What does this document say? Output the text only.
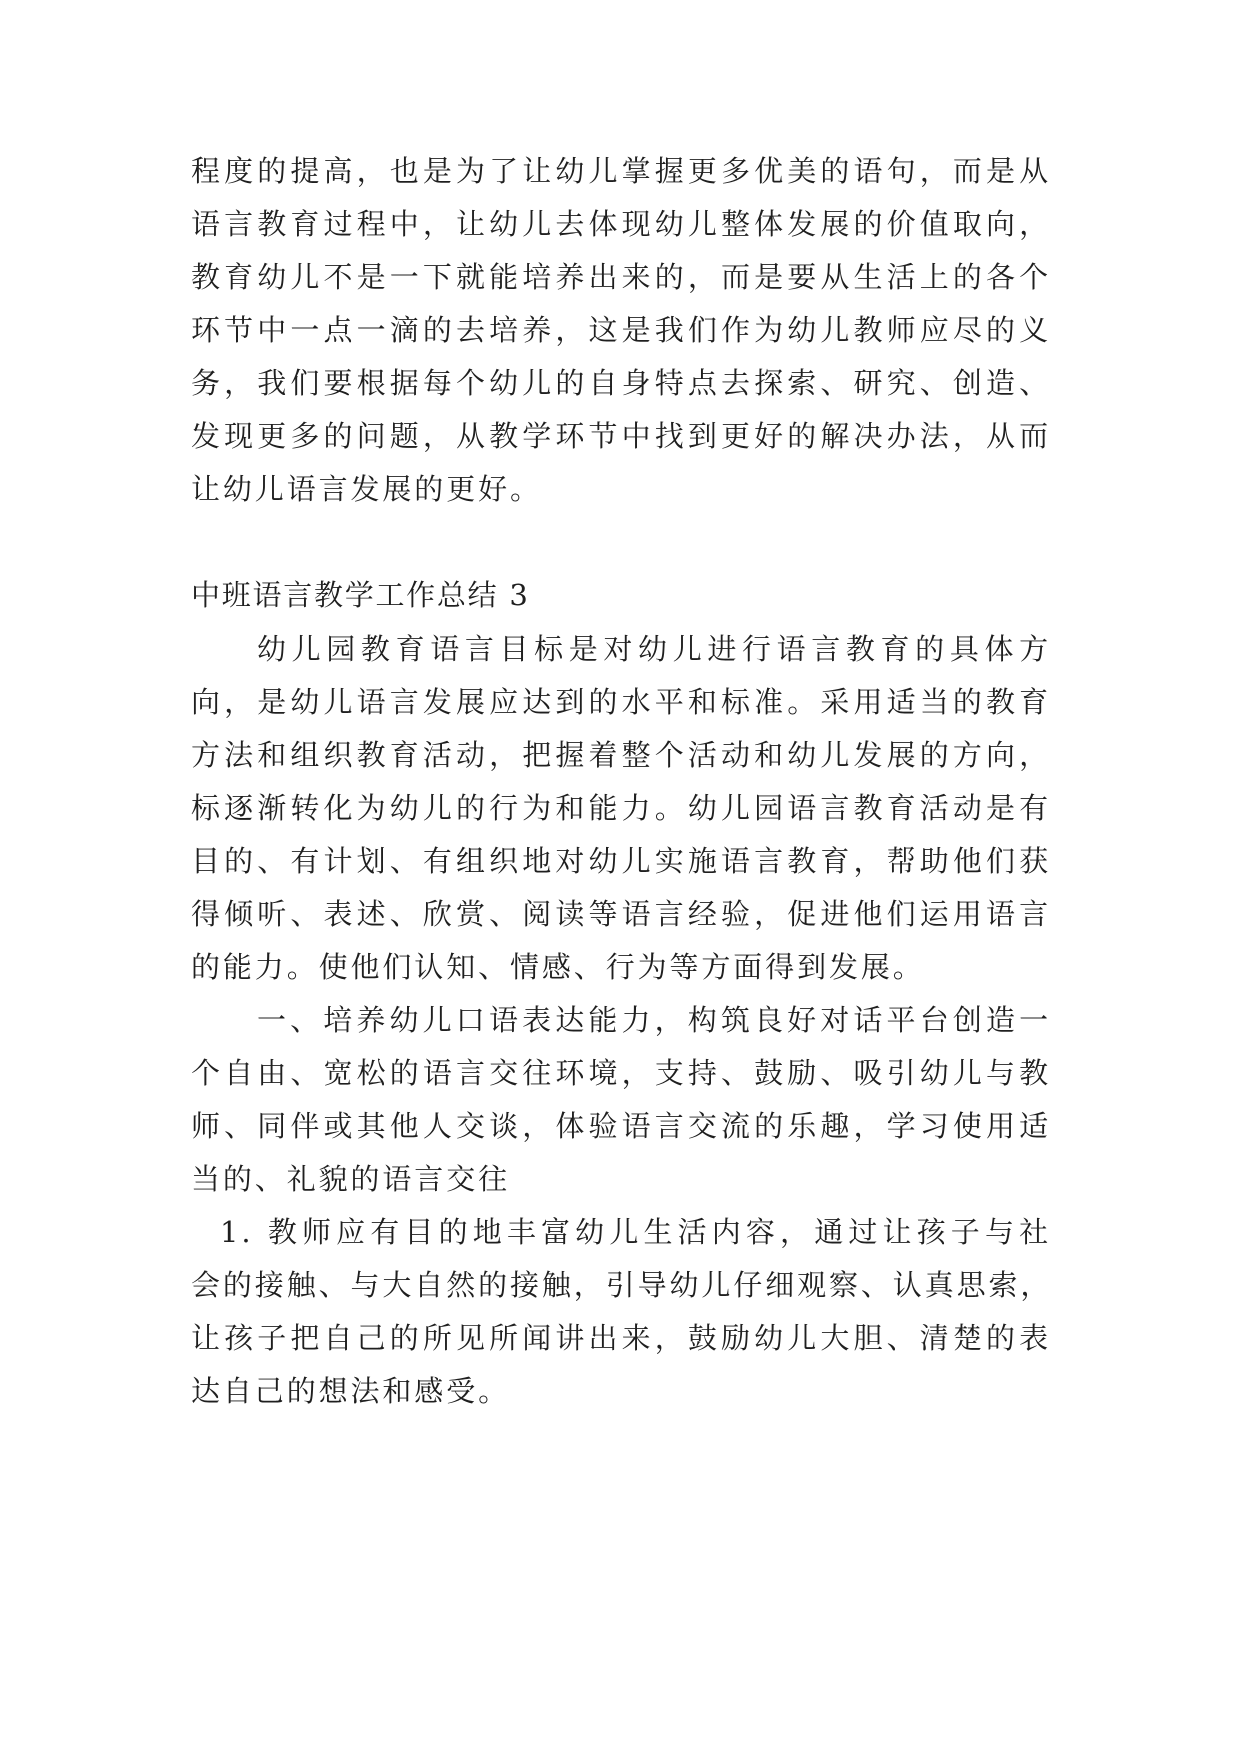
程度的提高，也是为了让幼儿掌握更多优美的语句，而是从
语言教育过程中，让幼儿去体现幼儿整体发展的价值取向，
教育幼儿不是一下就能培养出来的，而是要从生活上的各个
环节中一点一滴的去培养，这是我们作为幼儿教师应尽的义
务，我们要根据每个幼儿的自身特点去探索、研究、创造、
发现更多的问题，从教学环节中找到更好的解决办法，从而
让幼儿语言发展的更好。
中班语言教学工作总结 3
幼儿园教育语言目标是对幼儿进行语言教育的具体方
向，是幼儿语言发展应达到的水平和标准。采用适当的教育
方法和组织教育活动，把握着整个活动和幼儿发展的方向，
标逐渐转化为幼儿的行为和能力。幼儿园语言教育活动是有
目的、有计划、有组织地对幼儿实施语言教育，帮助他们获
得倾听、表述、欣赏、阅读等语言经验，促进他们运用语言
的能力。使他们认知、情感、行为等方面得到发展。
一、培养幼儿口语表达能力，构筑良好对话平台创造一
个自由、宽松的语言交往环境，支持、鼓励、吸引幼儿与教
师、同伴或其他人交谈，体验语言交流的乐趣，学习使用适
当的、礼貌的语言交往
1. 教师应有目的地丰富幼儿生活内容，通过让孩子与社
会的接触、与大自然的接触，引导幼儿仔细观察、认真思索，
让孩子把自己的所见所闻讲出来，鼓励幼儿大胆、清楚的表
达自己的想法和感受。
